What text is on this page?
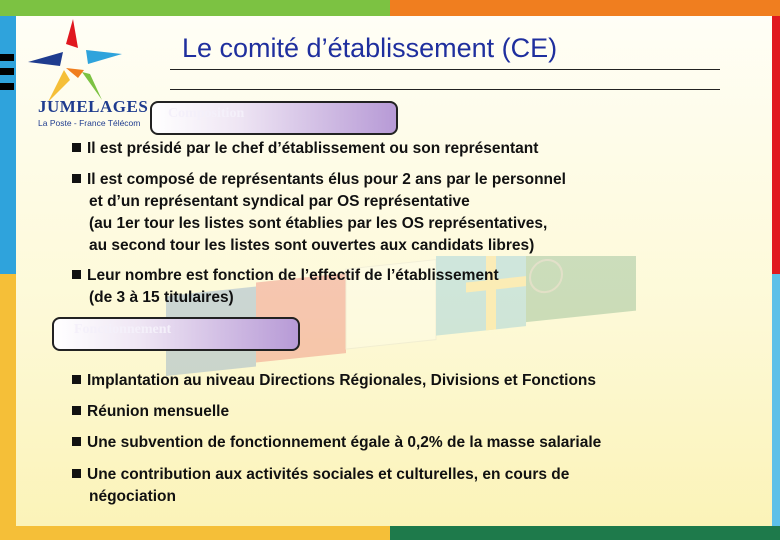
JUMELAGES
La Poste - France Télécom
Le comité d’établissement (CE)
Composition
Il est présidé par le chef d’établissement ou son représentant
Il est composé de représentants élus pour 2 ans par le personnel
et d’un représentant syndical par OS représentative
(au 1er tour les listes sont établies par les OS représentatives,
au second tour les listes sont ouvertes aux candidats libres)
Leur nombre est fonction de l’effectif de l’établissement
(de 3 à 15 titulaires)
Fonctionnement
Implantation au niveau Directions Régionales, Divisions et Fonctions
Réunion mensuelle
Une subvention de fonctionnement égale à 0,2% de la masse salariale
Une contribution aux activités sociales et culturelles, en cours de
négociation
